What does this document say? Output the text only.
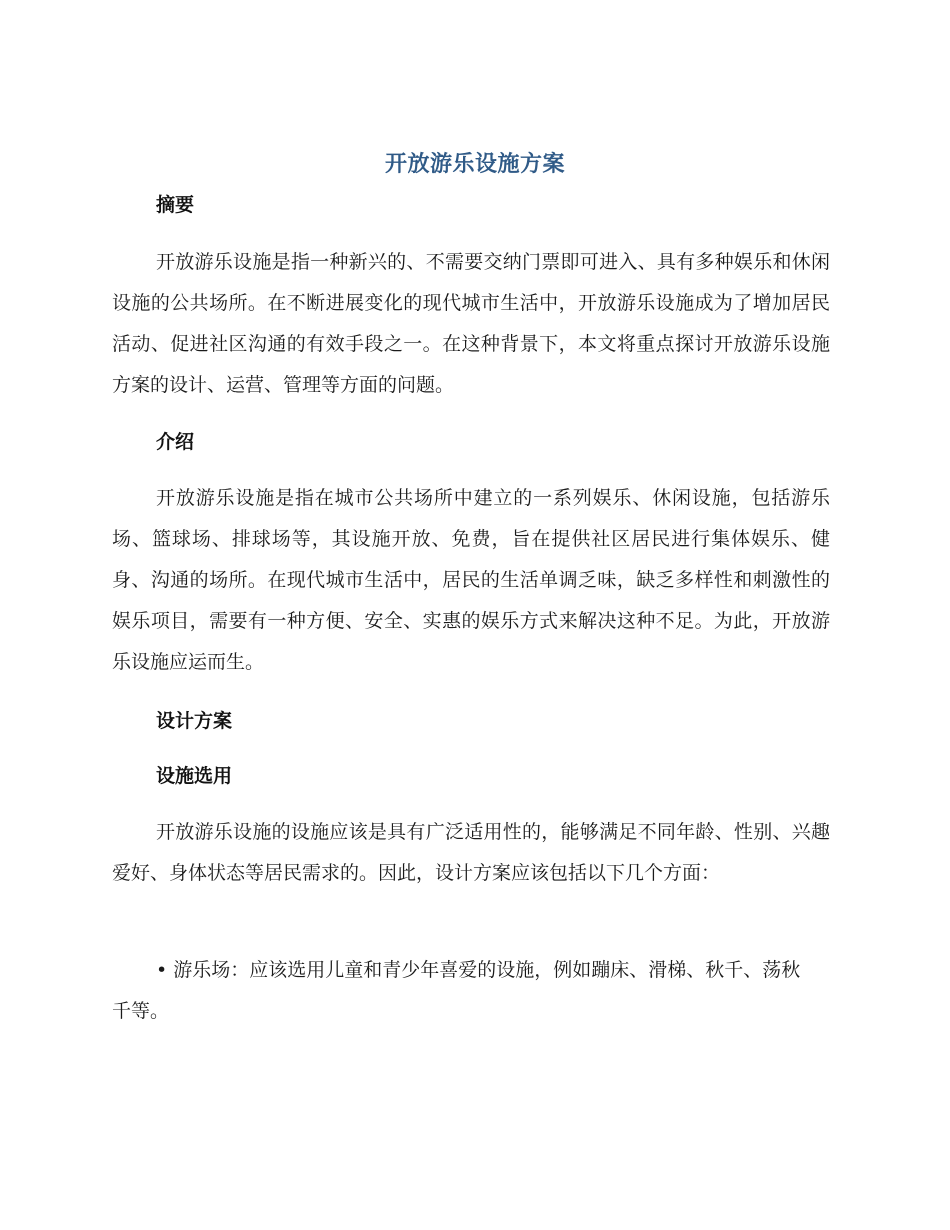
开放游乐设施方案
摘要
开放游乐设施是指一种新兴的、不需要交纳门票即可进入、具有多种娱乐和休闲设施的公共场所。在不断进展变化的现代城市生活中，开放游乐设施成为了增加居民活动、促进社区沟通的有效手段之一。在这种背景下，本文将重点探讨开放游乐设施方案的设计、运营、管理等方面的问题。
介绍
开放游乐设施是指在城市公共场所中建立的一系列娱乐、休闲设施，包括游乐场、篮球场、排球场等，其设施开放、免费，旨在提供社区居民进行集体娱乐、健身、沟通的场所。在现代城市生活中，居民的生活单调乏味，缺乏多样性和刺激性的娱乐项目，需要有一种方便、安全、实惠的娱乐方式来解决这种不足。为此，开放游乐设施应运而生。
设计方案
设施选用
开放游乐设施的设施应该是具有广泛适用性的，能够满足不同年龄、性别、兴趣爱好、身体状态等居民需求的。因此，设计方案应该包括以下几个方面：
• 游乐场：应该选用儿童和青少年喜爱的设施，例如蹦床、滑梯、秋千、荡秋千等。
